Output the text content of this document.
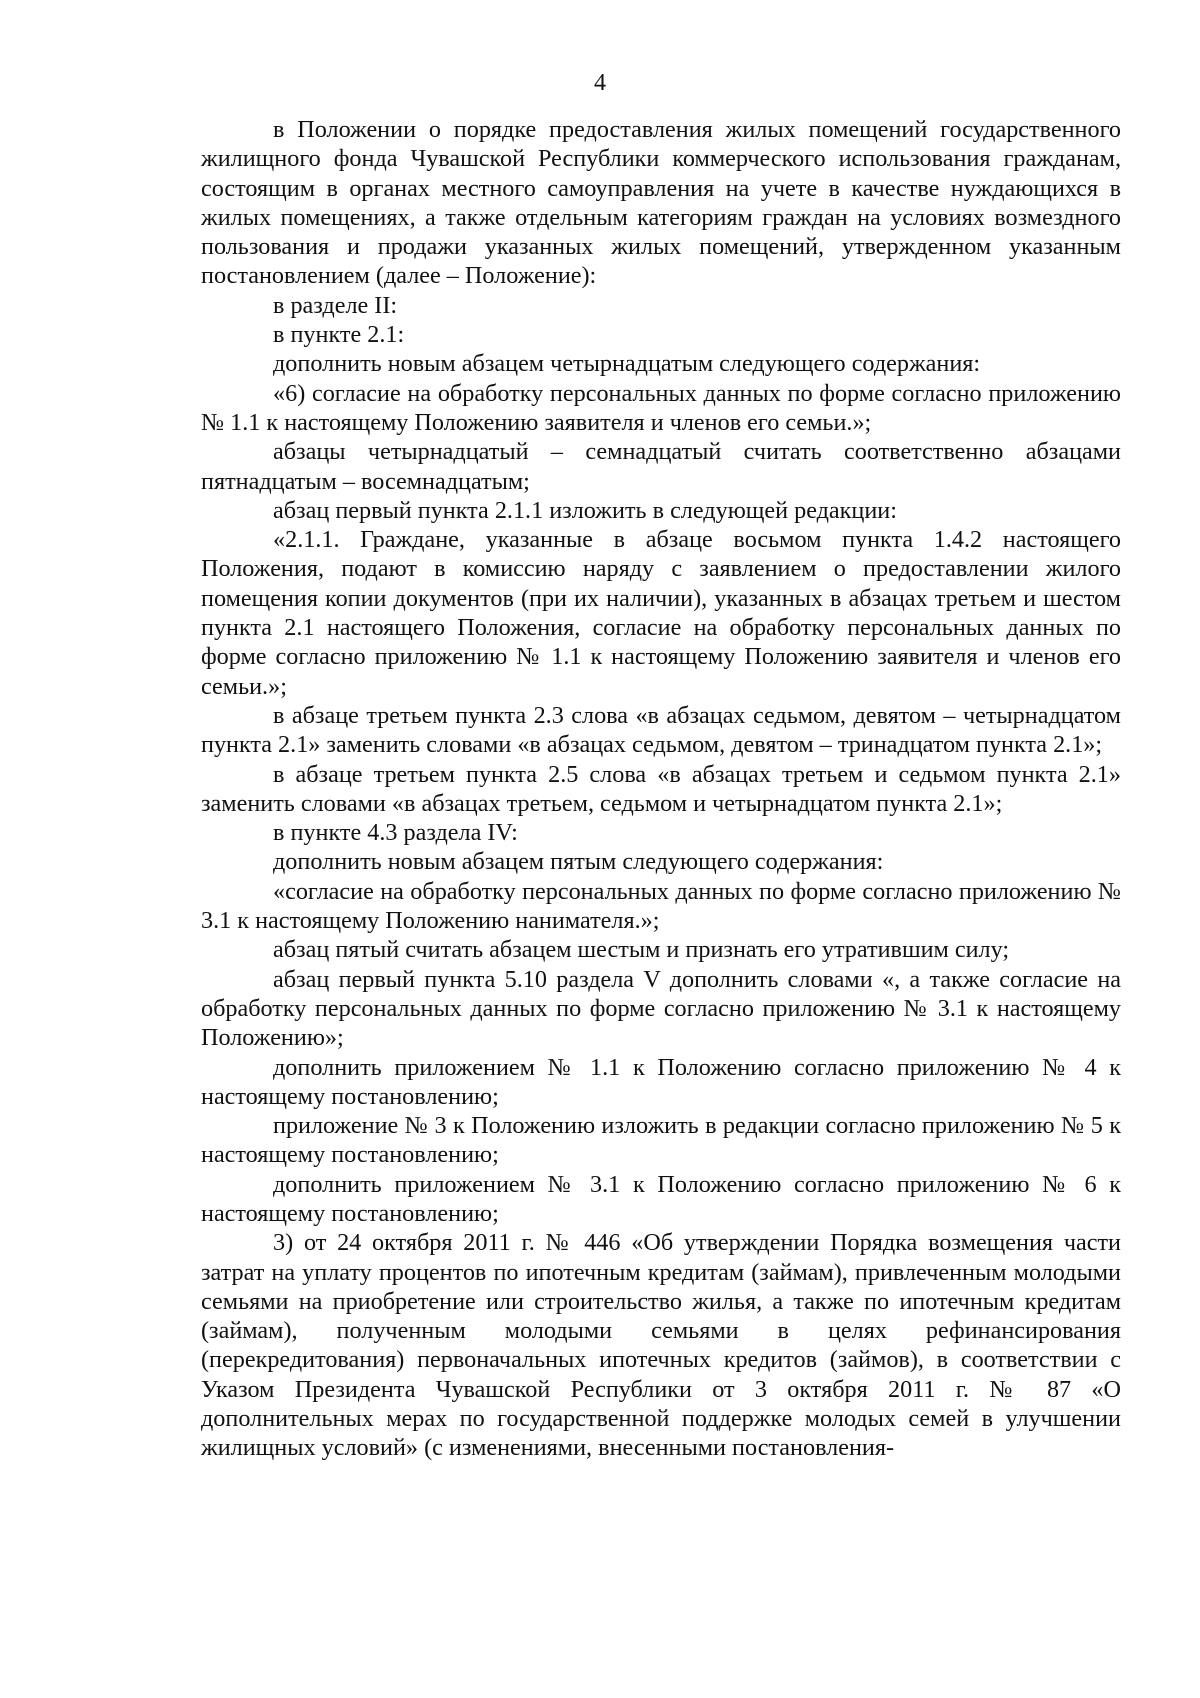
4

в Положении о порядке предоставления жилых помещений государственного жилищного фонда Чувашской Республики коммерческого использования гражданам, состоящим в органах местного самоуправления на учете в качестве нуждающихся в жилых помещениях, а также отдельным категориям граждан на условиях возмездного пользования и продажи указанных жилых помещений, утвержденном указанным постановлением (далее – Положение):

в разделе II:

в пункте 2.1:

дополнить новым абзацем четырнадцатым следующего содержания:

«6) согласие на обработку персональных данных по форме согласно приложению № 1.1 к настоящему Положению заявителя и членов его семьи.»;

абзацы четырнадцатый – семнадцатый считать соответственно абзацами пятнадцатым – восемнадцатым;

абзац первый пункта 2.1.1 изложить в следующей редакции:

«2.1.1. Граждане, указанные в абзаце восьмом пункта 1.4.2 настоящего Положения, подают в комиссию наряду с заявлением о предоставлении жилого помещения копии документов (при их наличии), указанных в абзацах третьем и шестом пункта 2.1 настоящего Положения, согласие на обработку персональных данных по форме согласно приложению № 1.1 к настоящему Положению заявителя и членов его семьи.»;

в абзаце третьем пункта 2.3 слова «в абзацах седьмом, девятом – четырнадцатом пункта 2.1» заменить словами «в абзацах седьмом, девятом – тринадцатом пункта 2.1»;

в абзаце третьем пункта 2.5 слова «в абзацах третьем и седьмом пункта 2.1» заменить словами «в абзацах третьем, седьмом и четырнадцатом пункта 2.1»;

в пункте 4.3 раздела IV:

дополнить новым абзацем пятым следующего содержания:

«согласие на обработку персональных данных по форме согласно приложению № 3.1 к настоящему Положению нанимателя.»;

абзац пятый считать абзацем шестым и признать его утратившим силу;

абзац первый пункта 5.10 раздела V дополнить словами «, а также согласие на обработку персональных данных по форме согласно приложению № 3.1 к настоящему Положению»;

дополнить приложением № 1.1 к Положению согласно приложению № 4 к настоящему постановлению;

приложение № 3 к Положению изложить в редакции согласно приложению № 5 к настоящему постановлению;

дополнить приложением № 3.1 к Положению согласно приложению № 6 к настоящему постановлению;

3) от 24 октября 2011 г. № 446 «Об утверждении Порядка возмещения части затрат на уплату процентов по ипотечным кредитам (займам), привлеченным молодыми семьями на приобретение или строительство жилья, а также по ипотечным кредитам (займам), полученным молодыми семьями в целях рефинансирования (перекредитования) первоначальных ипотечных кредитов (займов), в соответствии с Указом Президента Чувашской Республики от 3 октября 2011 г. № 87 «О дополнительных мерах по государственной поддержке молодых семей в улучшении жилищных условий» (с изменениями, внесенными постановления-
